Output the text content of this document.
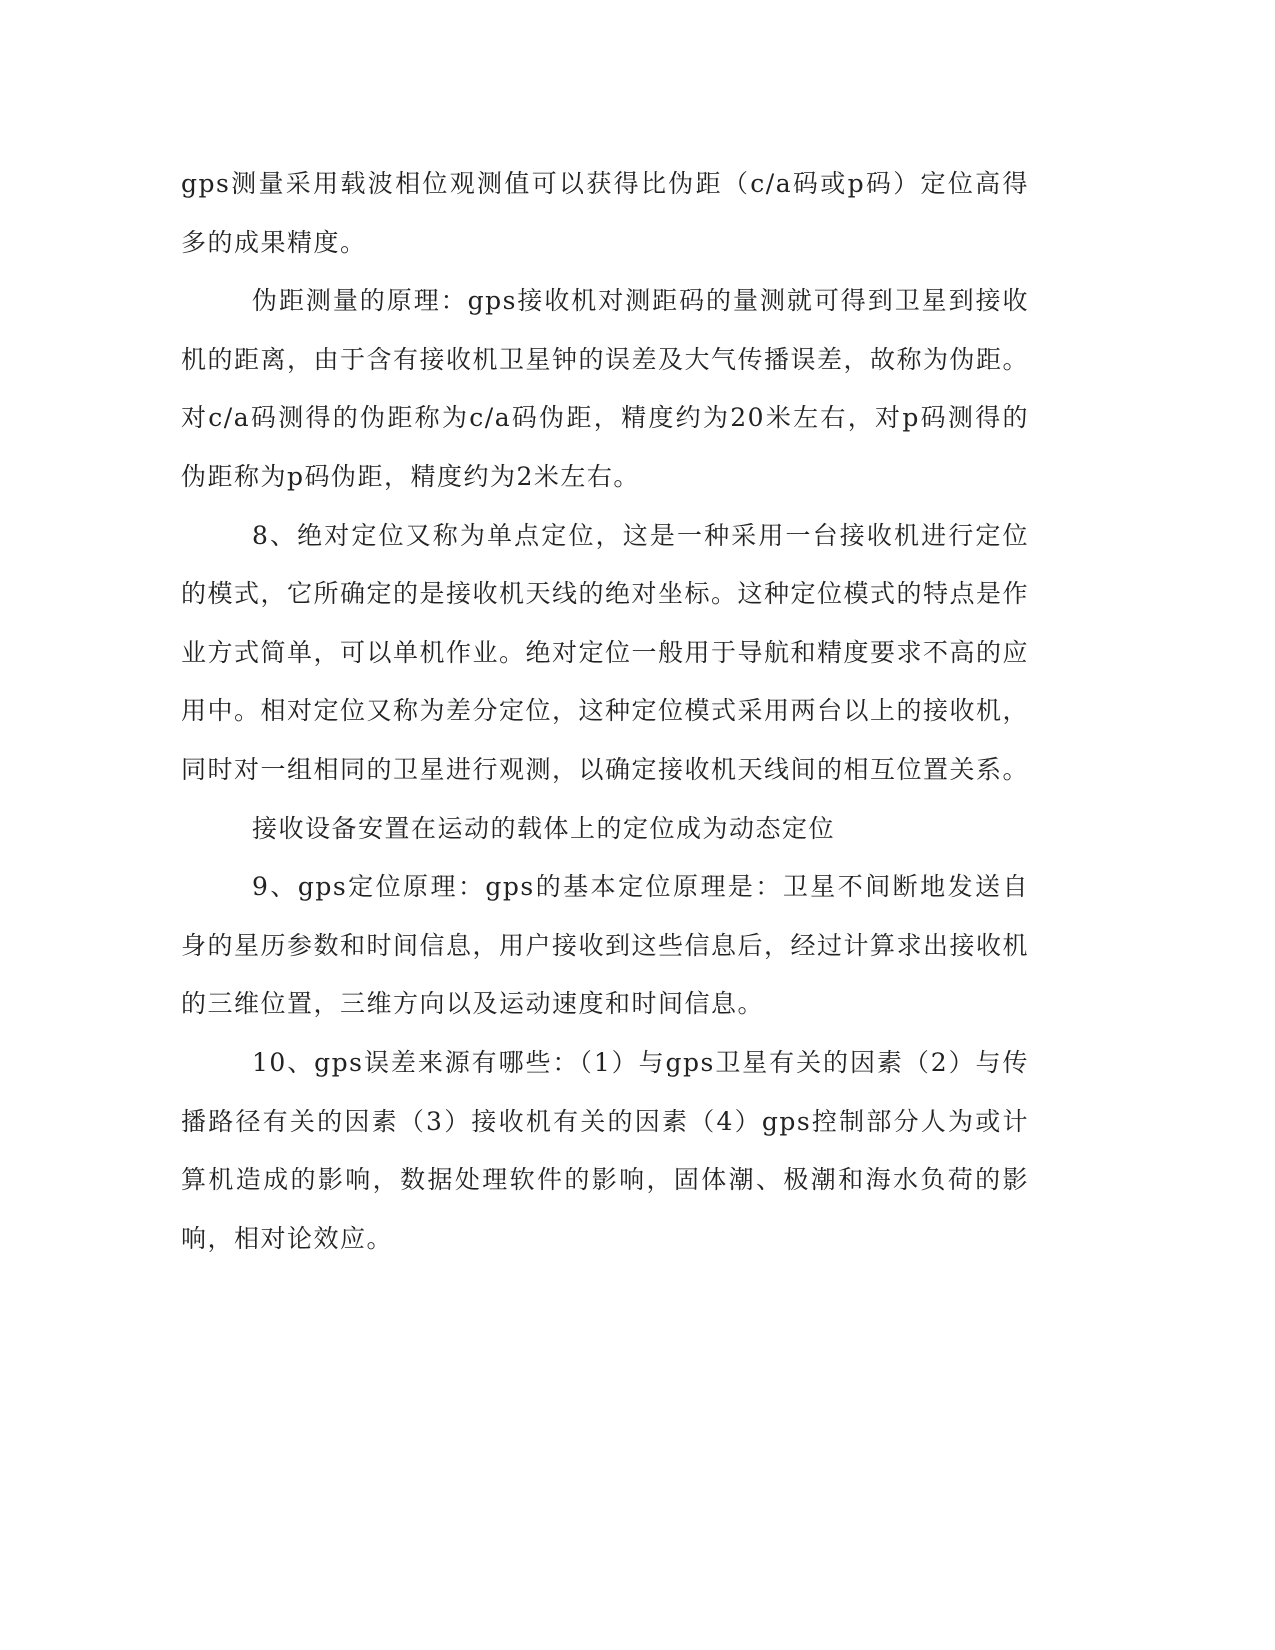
gps测量采用载波相位观测值可以获得比伪距（c/a码或p码）定位高得多的成果精度。

伪距测量的原理：gps接收机对测距码的量测就可得到卫星到接收机的距离，由于含有接收机卫星钟的误差及大气传播误差，故称为伪距。对c/a码测得的伪距称为c/a码伪距，精度约为20米左右，对p码测得的伪距称为p码伪距，精度约为2米左右。

8、绝对定位又称为单点定位，这是一种采用一台接收机进行定位的模式，它所确定的是接收机天线的绝对坐标。这种定位模式的特点是作业方式简单，可以单机作业。绝对定位一般用于导航和精度要求不高的应用中。相对定位又称为差分定位，这种定位模式采用两台以上的接收机，同时对一组相同的卫星进行观测，以确定接收机天线间的相互位置关系。

接收设备安置在运动的载体上的定位成为动态定位

9、gps定位原理：gps的基本定位原理是：卫星不间断地发送自身的星历参数和时间信息，用户接收到这些信息后，经过计算求出接收机的三维位置，三维方向以及运动速度和时间信息。

10、gps误差来源有哪些：（1）与gps卫星有关的因素（2）与传播路径有关的因素（3）接收机有关的因素（4）gps控制部分人为或计算机造成的影响，数据处理软件的影响，固体潮、极潮和海水负荷的影响，相对论效应。
